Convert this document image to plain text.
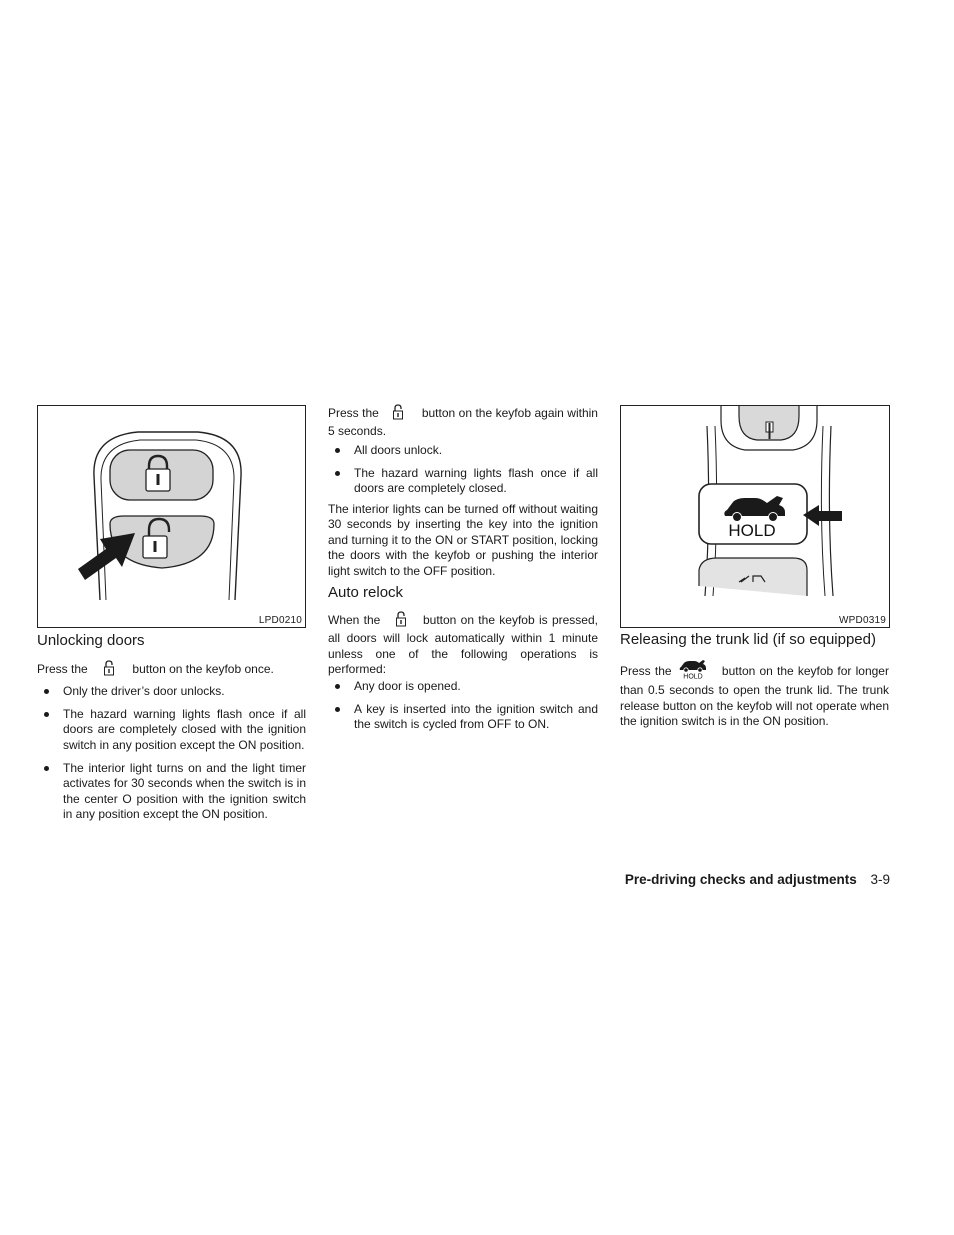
LPD0210
Unlocking doors

Press the	button on the keyfob once.

Only the driver’s door unlocks.
The hazard warning lights flash once if all doors are completely closed with the ignition switch in any position except the ON position.
The interior light turns on and the light timer activates for 30 seconds when the switch is in the center O position with the ignition switch in any position except the ON position.

Press the	button on the keyfob again within 5 seconds.

All doors unlock.
The hazard warning lights flash once if all doors are completely closed.

The interior lights can be turned off without waiting 30 seconds by inserting the key into the ignition and turning it to the ON or START position, locking the doors with the keyfob or pushing the interior light switch to the OFF position.

Auto relock

When the	button on the keyfob is pressed, all doors will lock automatically within 1 minute unless one of the following operations is performed:

Any door is opened.
A key is inserted into the ignition switch and the switch is cycled from OFF to ON.
HOLD
WPD0319
Releasing the trunk lid (if so equipped)

Press the HOLD button on the keyfob for longer than 0.5 seconds to open the trunk lid. The trunk release button on the keyfob will not operate when the ignition switch is in the ON position.

Pre-driving checks and adjustments 3-9
